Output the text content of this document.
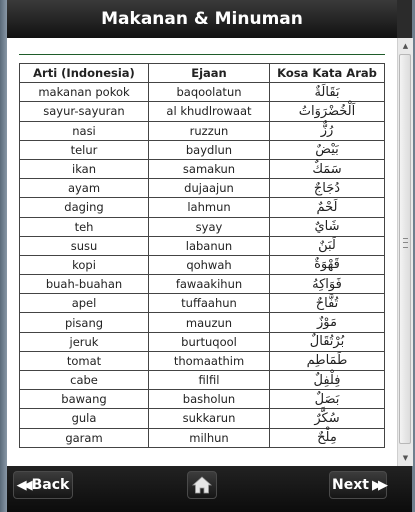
Makanan & Minuman
Arti (Indonesia)	Ejaan	Kosa Kata Arab
makanan pokok	baqoolatun	بَقَالَةٌ
sayur-sayuran	al khudlrowaat	اَلْخُضْرَوَاتُ
nasi	ruzzun	رُزٌّ
telur	baydlun	بَيْضٌ
ikan	samakun	سَمَكٌ
ayam	dujaajun	دُجَاجٌ
daging	lahmun	لَحْمٌ
teh	syay	شَايٌ
susu	labanun	لَبَنٌ
kopi	qohwah	قَهْوَةٌ
buah-buahan	fawaakihun	فَوَاكِهُ
apel	tuffaahun	تُفَّاحٌ
pisang	mauzun	مَوْزٌ
jeruk	burtuqool	بُرْتُقَالٌ
tomat	thomaathim	طَمَاطِم
cabe	filfil	فِلْفِلٌ
bawang	basholun	بَصَلٌ
gula	sukkarun	سُكَّرٌ
garam	milhun	مِلْحٌ
▲
▼
◀◀ Back	Next ▶▶
